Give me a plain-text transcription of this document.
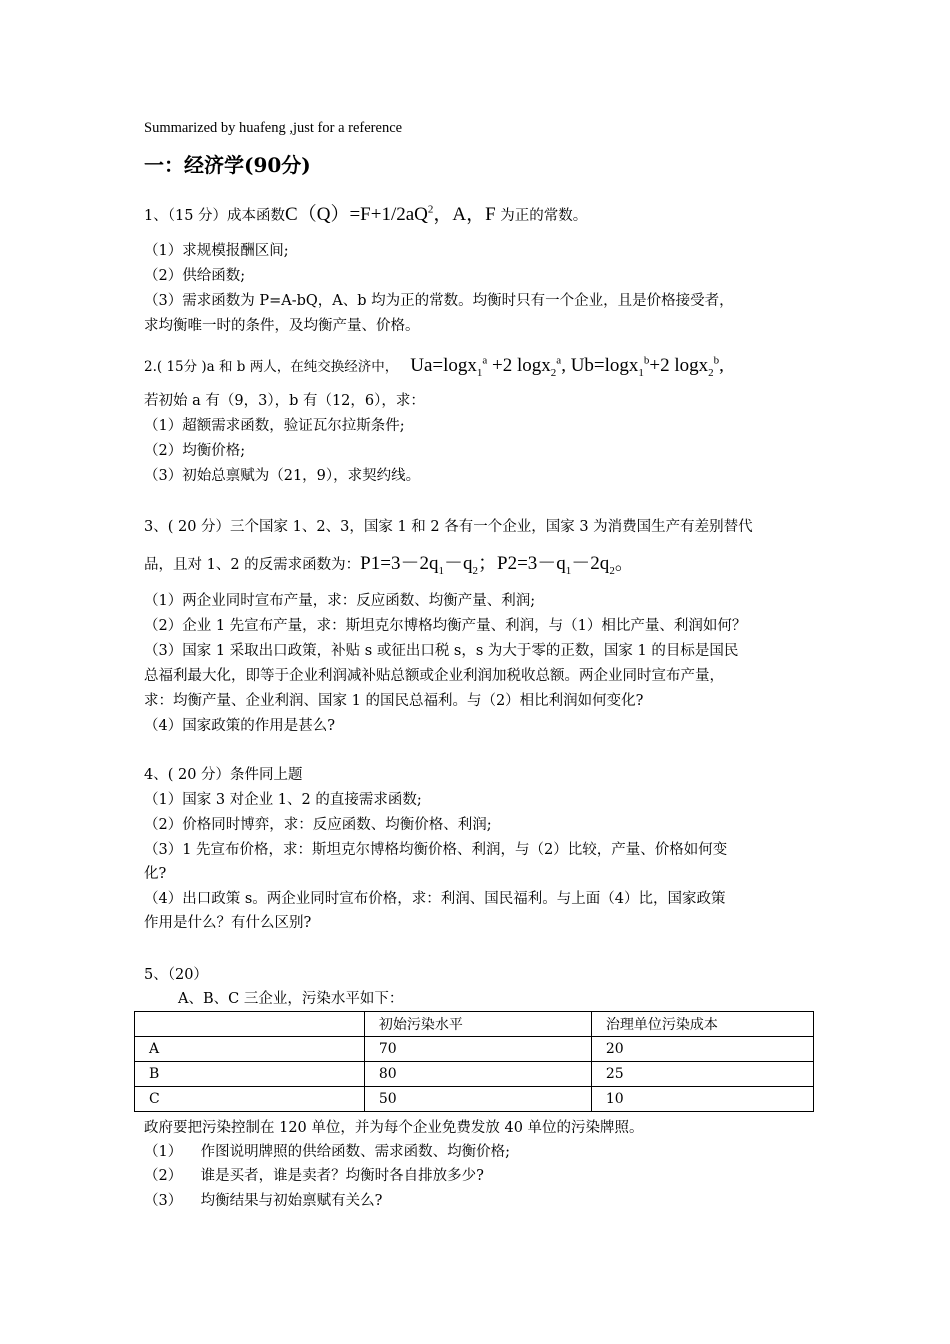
Summarized by huafeng ,just for a reference
一：经济学(90分)
1、（15 分）成本函数$C(Q)=F+1/2aQ^2$，A，F 为正的常数。
（1）求规模报酬区间;
（2）供给函数;
（3）需求函数为 P=A-bQ，A、b 均为正的常数。均衡时只有一个企业，且是价格接受者，
求均衡唯一时的条件，及均衡产量、价格。
2.( 15分 )a 和 b 两人，在纯交换经济中， Ua=logx$_1^a$ +2 logx$_2^a$, Ub=logx$_1^b$+2 logx$_2^b$,
若初始 a 有（9，3），b 有（12，6），求：
（1）超额需求函数，验证瓦尔拉斯条件;
（2）均衡价格;
（3）初始总禀赋为（21，9），求契约线。
3、( 20 分）三个国家 1、2、3，国家 1 和 2 各有一个企业，国家 3 为消费国生产有差别替代
品，且对 1、2 的反需求函数为：$P1=3-2q_1-q_2$；$P2=3-q_1-2q_2$。
（1）两企业同时宣布产量，求：反应函数、均衡产量、利润;
（2）企业 1 先宣布产量，求：斯坦克尔博格均衡产量、利润，与（1）相比产量、利润如何？
（3）国家 1 采取出口政策，补贴 s 或征出口税 s，s 为大于零的正数，国家 1 的目标是国民
总福利最大化，即等于企业利润减补贴总额或企业利润加税收总额。两企业同时宣布产量，
求：均衡产量、企业利润、国家 1 的国民总福利。与（2）相比利润如何变化?
（4）国家政策的作用是甚么?
4、( 20 分）条件同上题
（1）国家 3 对企业 1、2 的直接需求函数;
（2）价格同时博弈，求：反应函数、均衡价格、利润;
（3）1 先宣布价格，求：斯坦克尔博格均衡价格、利润，与（2）比较，产量、价格如何变
化?
（4）出口政策 s。两企业同时宣布价格，求：利润、国民福利。与上面（4）比，国家政策
作用是什么？有什么区别?
5、（20）
A、B、C 三企业，污染水平如下：
	初始污染水平	治理单位污染成本
A	70	20
B	80	25
C	50	10
政府要把污染控制在 120 单位，并为每个企业免费发放 40 单位的污染牌照。
（1）    作图说明牌照的供给函数、需求函数、均衡价格;
（2）    谁是买者，谁是卖者？均衡时各自排放多少?
（3）    均衡结果与初始禀赋有关么?
